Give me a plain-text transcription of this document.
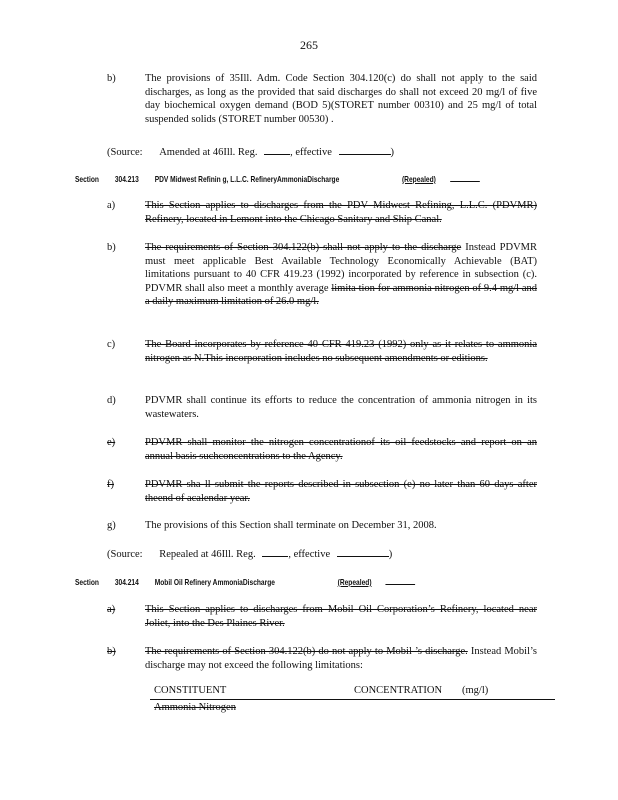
265
b)	The provisions of 35Ill. Adm. Code Section 304.120(c) do shall not apply to the said discharges, as long as the provided that said discharges do shall not exceed 20 mg/l of five day biochemical oxygen demand (BOD 5)(STORET number 00310) and 25 mg/l of total suspended solids (STORET number 00530) .
(Source: Amended at 46Ill. Reg.	, effective	)
Section 304.213 PDV Midwest Refinin g, L.L.C. RefineryAmmoniaDischarge	(Repealed)
a)	This Section applies to discharges from the PDV Midwest Refining, L.L.C. (PDVMR) Refinery, located in Lemont into the Chicago Sanitary and Ship Canal.
b)	The requirements of Section 304.122(b) shall not apply to the discharge Instead PDVMR must meet applicable Best Available Technology Economically Achievable (BAT) limitations pursuant to 40 CFR 419.23 (1992) incorporated by reference in subsection (c). PDVMR shall also meet a monthly average limita tion for ammonia nitrogen of 9.4 mg/l and a daily maximum limitation of 26.0 mg/l.
c)	The Board incorporates by reference 40 CFR 419.23 (1992) only as it relates to ammonia nitrogen as N.This incorporation includes no subsequent amendments or editions.
d)	PDVMR shall continue its efforts to reduce the concentration of ammonia nitrogen in its wastewaters.
e)	PDVMR shall monitor the nitrogen concentrationof its oil feedstocks and report on an annual basis suchconcentrations to the Agency.
f)	PDVMR sha ll submit the reports described in subsection (e) no later than 60 days after theend of acalendar year.
g)	The provisions of this Section shall terminate on December 31, 2008.
(Source: Repealed at 46Ill. Reg.	, effective	)
Section 304.214 Mobil Oil Refinery AmmoniaDischarge	(Repealed)
a)	This Section applies to discharges from Mobil Oil Corporation’s Refinery, located near Joliet, into the Des Plaines River.
b)	The requirements of Section 304.122(b) do not apply to Mobil ’s discharge. Instead Mobil’s discharge may not exceed the following limitations:
CONSTITUENT	CONCENTRATION (mg/l)
Ammonia Nitrogen
